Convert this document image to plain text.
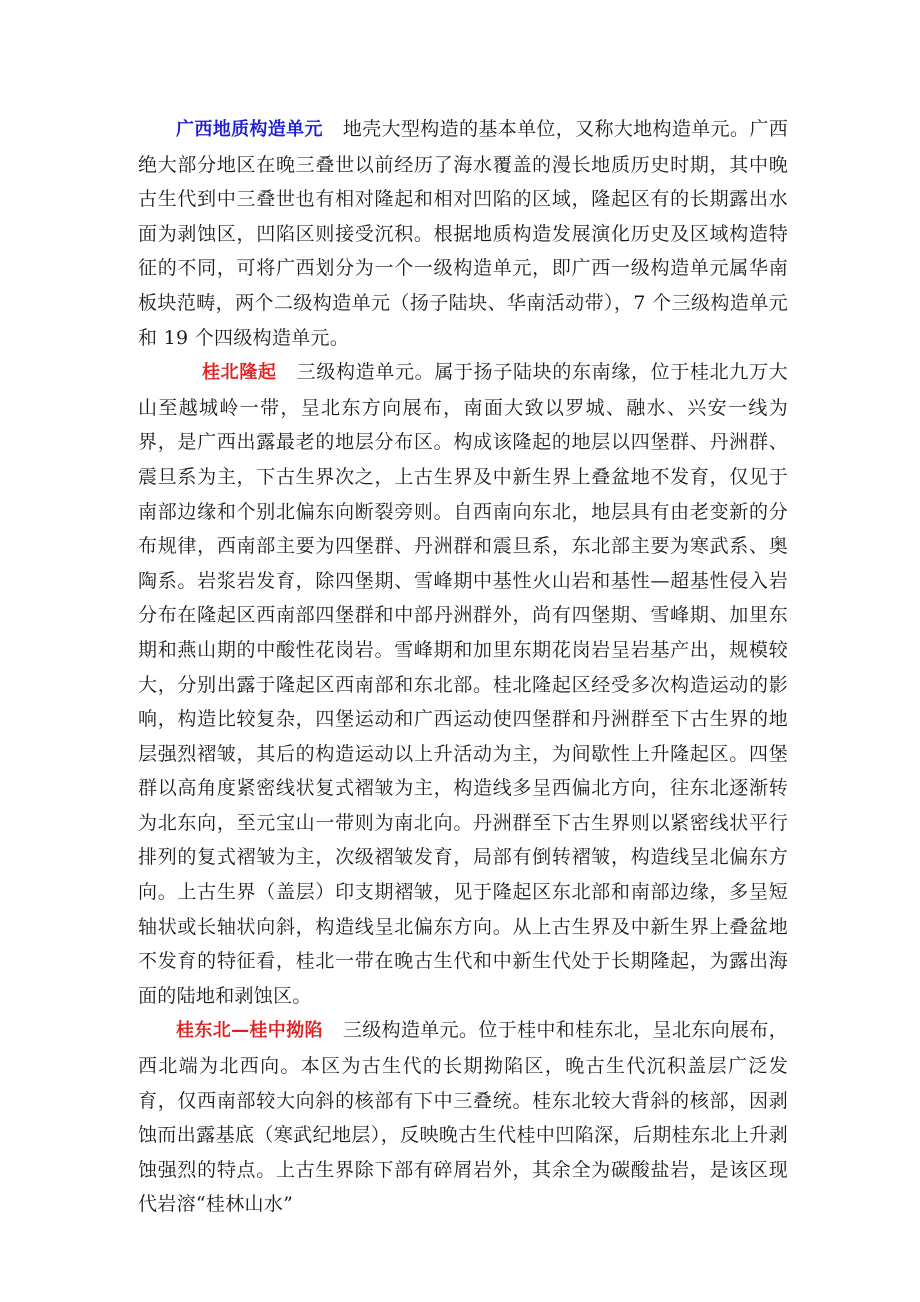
广西地质构造单元 地壳大型构造的基本单位，又称大地构造单元。广西绝大部分地区在晚三叠世以前经历了海水覆盖的漫长地质历史时期，其中晚古生代到中三叠世也有相对隆起和相对凹陷的区域，隆起区有的长期露出水面为剥蚀区，凹陷区则接受沉积。根据地质构造发展演化历史及区域构造特征的不同，可将广西划分为一个一级构造单元，即广西一级构造单元属华南板块范畴，两个二级构造单元（扬子陆块、华南活动带），7 个三级构造单元和 19 个四级构造单元。

桂北隆起 三级构造单元。属于扬子陆块的东南缘，位于桂北九万大山至越城岭一带，呈北东方向展布，南面大致以罗城、融水、兴安一线为界，是广西出露最老的地层分布区。构成该隆起的地层以四堡群、丹洲群、震旦系为主，下古生界次之，上古生界及中新生界上叠盆地不发育，仅见于南部边缘和个别北偏东向断裂旁则。自西南向东北，地层具有由老变新的分布规律，西南部主要为四堡群、丹洲群和震旦系，东北部主要为寒武系、奥陶系。岩浆岩发育，除四堡期、雪峰期中基性火山岩和基性—超基性侵入岩分布在隆起区西南部四堡群和中部丹洲群外，尚有四堡期、雪峰期、加里东期和燕山期的中酸性花岗岩。雪峰期和加里东期花岗岩呈岩基产出，规模较大，分别出露于隆起区西南部和东北部。桂北隆起区经受多次构造运动的影响，构造比较复杂，四堡运动和广西运动使四堡群和丹洲群至下古生界的地层强烈褶皱，其后的构造运动以上升活动为主，为间歇性上升隆起区。四堡群以高角度紧密线状复式褶皱为主，构造线多呈西偏北方向，往东北逐渐转为北东向，至元宝山一带则为南北向。丹洲群至下古生界则以紧密线状平行排列的复式褶皱为主，次级褶皱发育，局部有倒转褶皱，构造线呈北偏东方向。上古生界（盖层）印支期褶皱，见于隆起区东北部和南部边缘，多呈短轴状或长轴状向斜，构造线呈北偏东方向。从上古生界及中新生界上叠盆地不发育的特征看，桂北一带在晚古生代和中新生代处于长期隆起，为露出海面的陆地和剥蚀区。

桂东北—桂中拗陷 三级构造单元。位于桂中和桂东北，呈北东向展布，西北端为北西向。本区为古生代的长期拗陷区，晚古生代沉积盖层广泛发育，仅西南部较大向斜的核部有下中三叠统。桂东北较大背斜的核部，因剥蚀而出露基底（寒武纪地层），反映晚古生代桂中凹陷深，后期桂东北上升剥蚀强烈的特点。上古生界除下部有碎屑岩外，其余全为碳酸盐岩，是该区现代岩溶“桂林山水”
